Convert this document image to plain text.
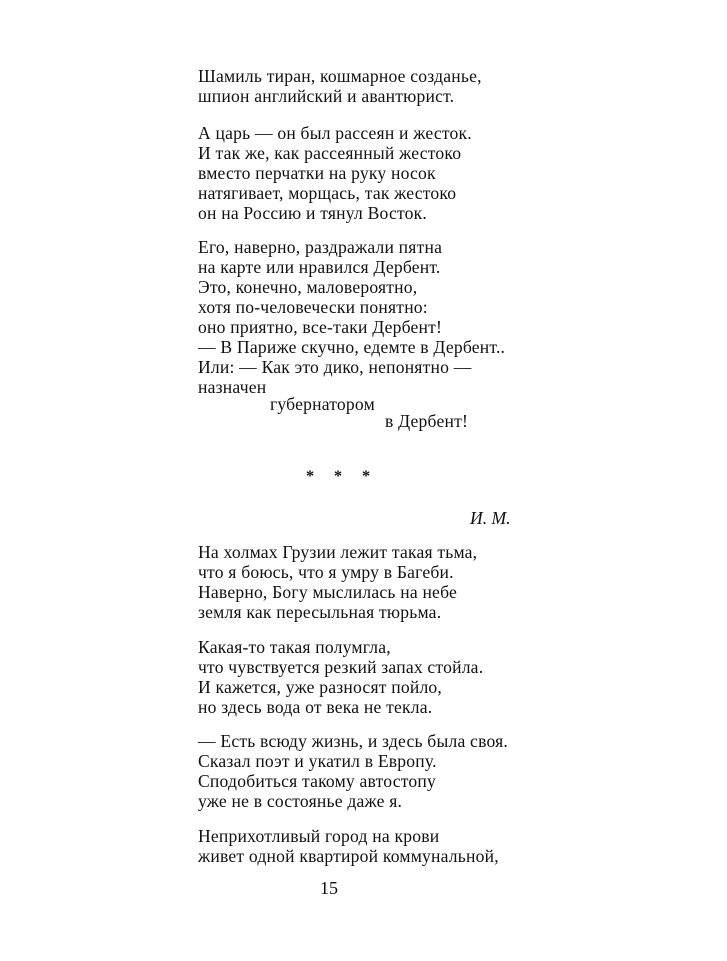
Шамиль тиран, кошмарное созданье,
шпион английский и авантюрист.
А царь — он был рассеян и жесток.
И так же, как рассеянный жестоко
вместо перчатки на руку носок
натягивает, морщась, так жестоко
он на Россию и тянул Восток.
Его, наверно, раздражали пятна
на карте или нравился Дербент.
Это, конечно, маловероятно,
хотя по-человечески понятно:
оно приятно, все-таки Дербент!
— В Париже скучно, едемте в Дербент..
Или: — Как это дико, непонятно —
назначен
губернатором
в Дербент!
* * *
И. М.
На холмах Грузии лежит такая тьма,
что я боюсь, что я умру в Багеби.
Наверно, Богу мыслилась на небе
земля как пересыльная тюрьма.
Какая-то такая полумгла,
что чувствуется резкий запах стойла.
И кажется, уже разносят пойло,
но здесь вода от века не текла.
— Есть всюду жизнь, и здесь была своя.
Сказал поэт и укатил в Европу.
Сподобиться такому автостопу
уже не в состоянье даже я.
Неприхотливый город на крови
живет одной квартирой коммунальной,
15
